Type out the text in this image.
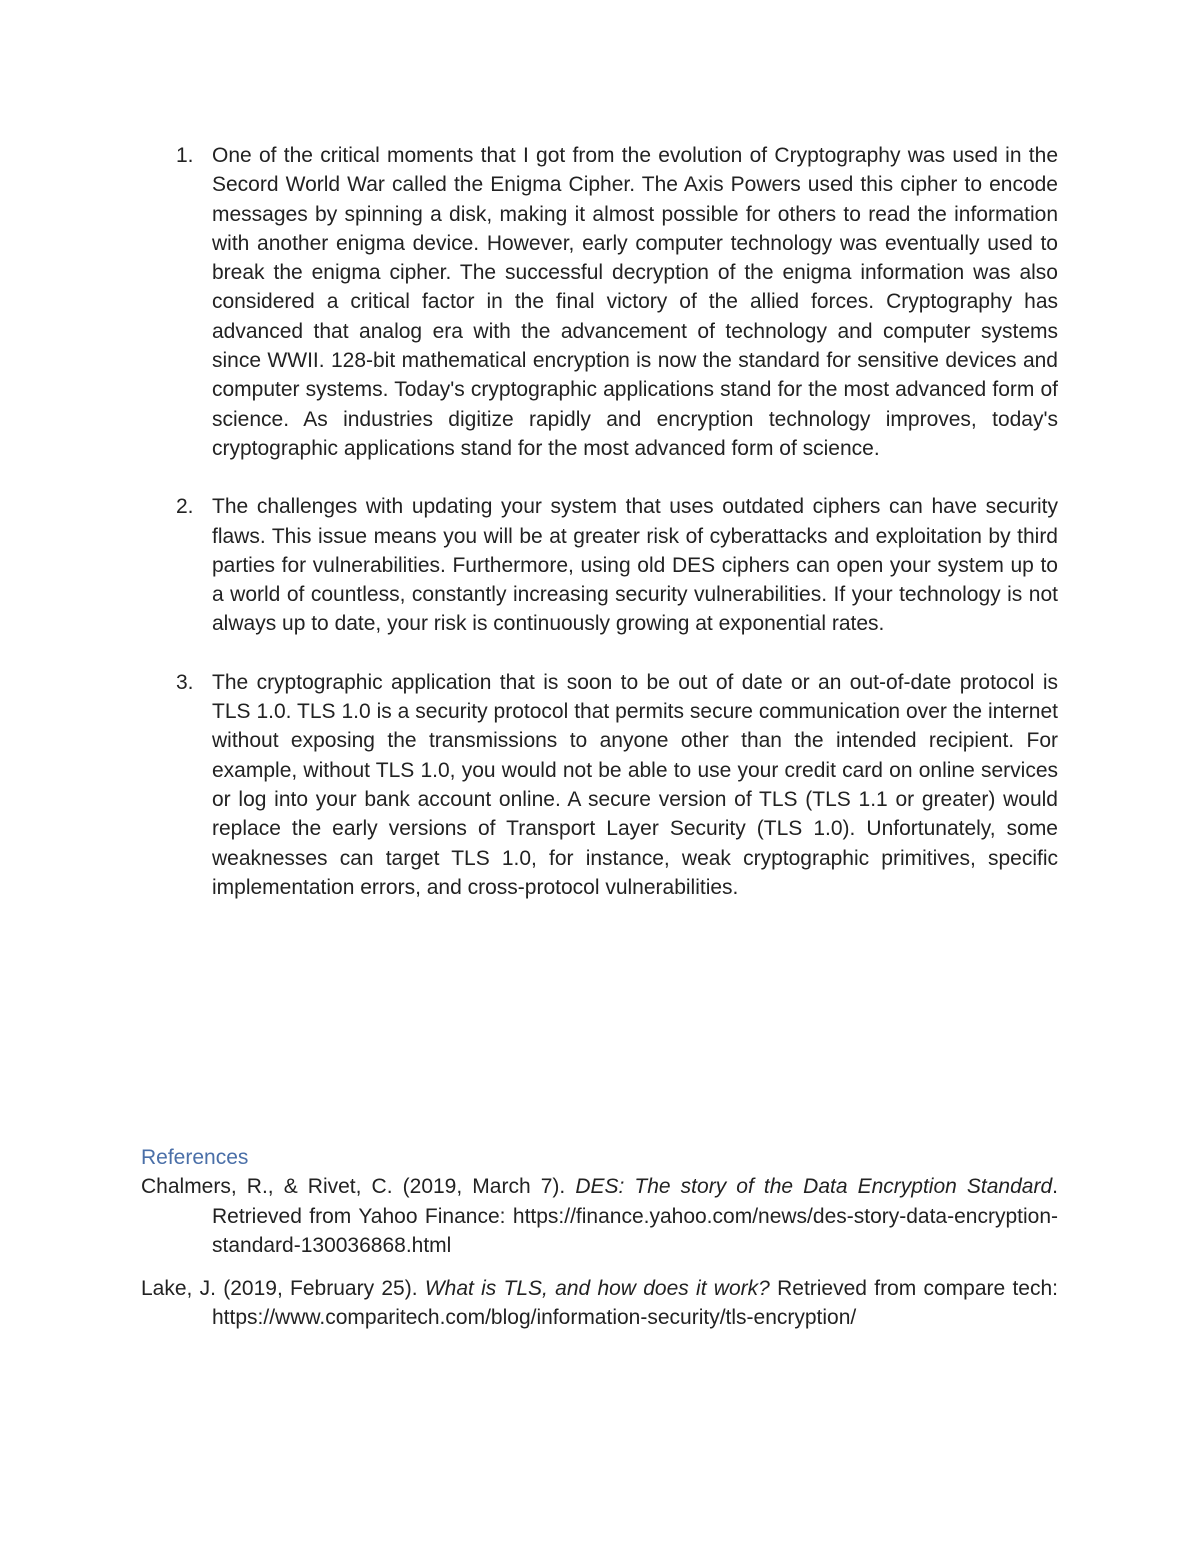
1. One of the critical moments that I got from the evolution of Cryptography was used in the Secord World War called the Enigma Cipher. The Axis Powers used this cipher to encode messages by spinning a disk, making it almost possible for others to read the information with another enigma device. However, early computer technology was eventually used to break the enigma cipher. The successful decryption of the enigma information was also considered a critical factor in the final victory of the allied forces. Cryptography has advanced that analog era with the advancement of technology and computer systems since WWII. 128-bit mathematical encryption is now the standard for sensitive devices and computer systems. Today's cryptographic applications stand for the most advanced form of science. As industries digitize rapidly and encryption technology improves, today's cryptographic applications stand for the most advanced form of science.

2. The challenges with updating your system that uses outdated ciphers can have security flaws. This issue means you will be at greater risk of cyberattacks and exploitation by third parties for vulnerabilities. Furthermore, using old DES ciphers can open your system up to a world of countless, constantly increasing security vulnerabilities. If your technology is not always up to date, your risk is continuously growing at exponential rates.

3. The cryptographic application that is soon to be out of date or an out-of-date protocol is TLS 1.0. TLS 1.0 is a security protocol that permits secure communication over the internet without exposing the transmissions to anyone other than the intended recipient. For example, without TLS 1.0, you would not be able to use your credit card on online services or log into your bank account online. A secure version of TLS (TLS 1.1 or greater) would replace the early versions of Transport Layer Security (TLS 1.0). Unfortunately, some weaknesses can target TLS 1.0, for instance, weak cryptographic primitives, specific implementation errors, and cross-protocol vulnerabilities.

References

Chalmers, R., & Rivet, C. (2019, March 7). DES: The story of the Data Encryption Standard. Retrieved from Yahoo Finance: https://finance.yahoo.com/news/des-story-data-encryption-standard-130036868.html

Lake, J. (2019, February 25). What is TLS, and how does it work? Retrieved from compare tech: https://www.comparitech.com/blog/information-security/tls-encryption/
